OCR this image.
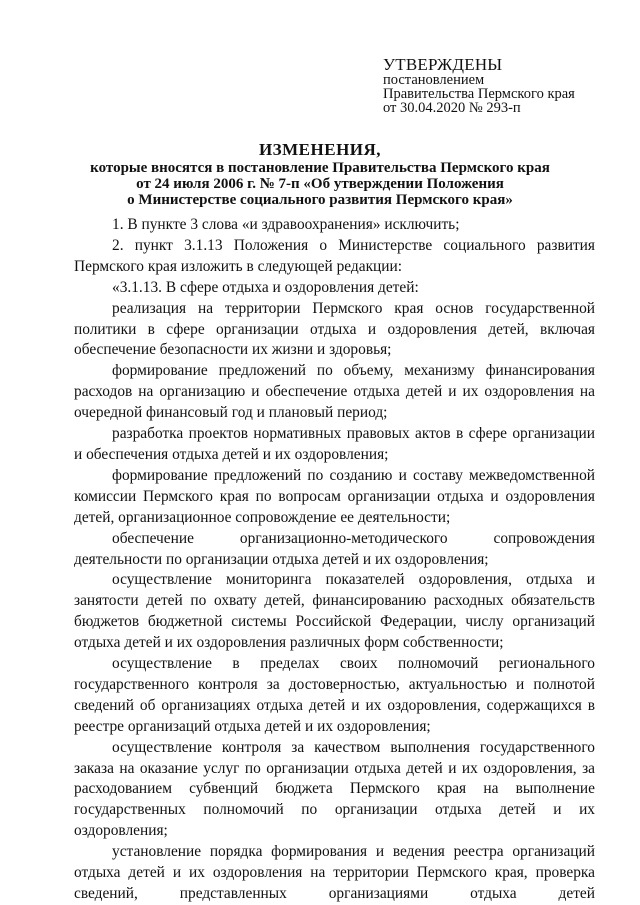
УТВЕРЖДЕНЫ
постановлением
Правительства Пермского края
от 30.04.2020 № 293-п
ИЗМЕНЕНИЯ,
которые вносятся в постановление Правительства Пермского края
от 24 июля 2006 г. № 7-п «Об утверждении Положения
о Министерстве социального развития Пермского края»

1. В пункте 3 слова «и здравоохранения» исключить;

2. пункт 3.1.13 Положения о Министерстве социального развития Пермского края изложить в следующей редакции:

«3.1.13. В сфере отдыха и оздоровления детей:

реализация на территории Пермского края основ государственной политики в сфере организации отдыха и оздоровления детей, включая обеспечение безопасности их жизни и здоровья;

формирование предложений по объему, механизму финансирования расходов на организацию и обеспечение отдыха детей и их оздоровления на очередной финансовый год и плановый период;

разработка проектов нормативных правовых актов в сфере организации и обеспечения отдыха детей и их оздоровления;

формирование предложений по созданию и составу межведомственной комиссии Пермского края по вопросам организации отдыха и оздоровления детей, организационное сопровождение ее деятельности;

обеспечение организационно-методического сопровождения деятельности по организации отдыха детей и их оздоровления;

осуществление мониторинга показателей оздоровления, отдыха и занятости детей по охвату детей, финансированию расходных обязательств бюджетов бюджетной системы Российской Федерации, числу организаций отдыха детей и их оздоровления различных форм собственности;

осуществление в пределах своих полномочий регионального государственного контроля за достоверностью, актуальностью и полнотой сведений об организациях отдыха детей и их оздоровления, содержащихся в реестре организаций отдыха детей и их оздоровления;

осуществление контроля за качеством выполнения государственного заказа на оказание услуг по организации отдыха детей и их оздоровления, за расходованием субвенций бюджета Пермского края на выполнение государственных полномочий по организации отдыха детей и их оздоровления;

установление порядка формирования и ведения реестра организаций отдыха детей и их оздоровления на территории Пермского края, проверка сведений, представленных организациями отдыха детей
